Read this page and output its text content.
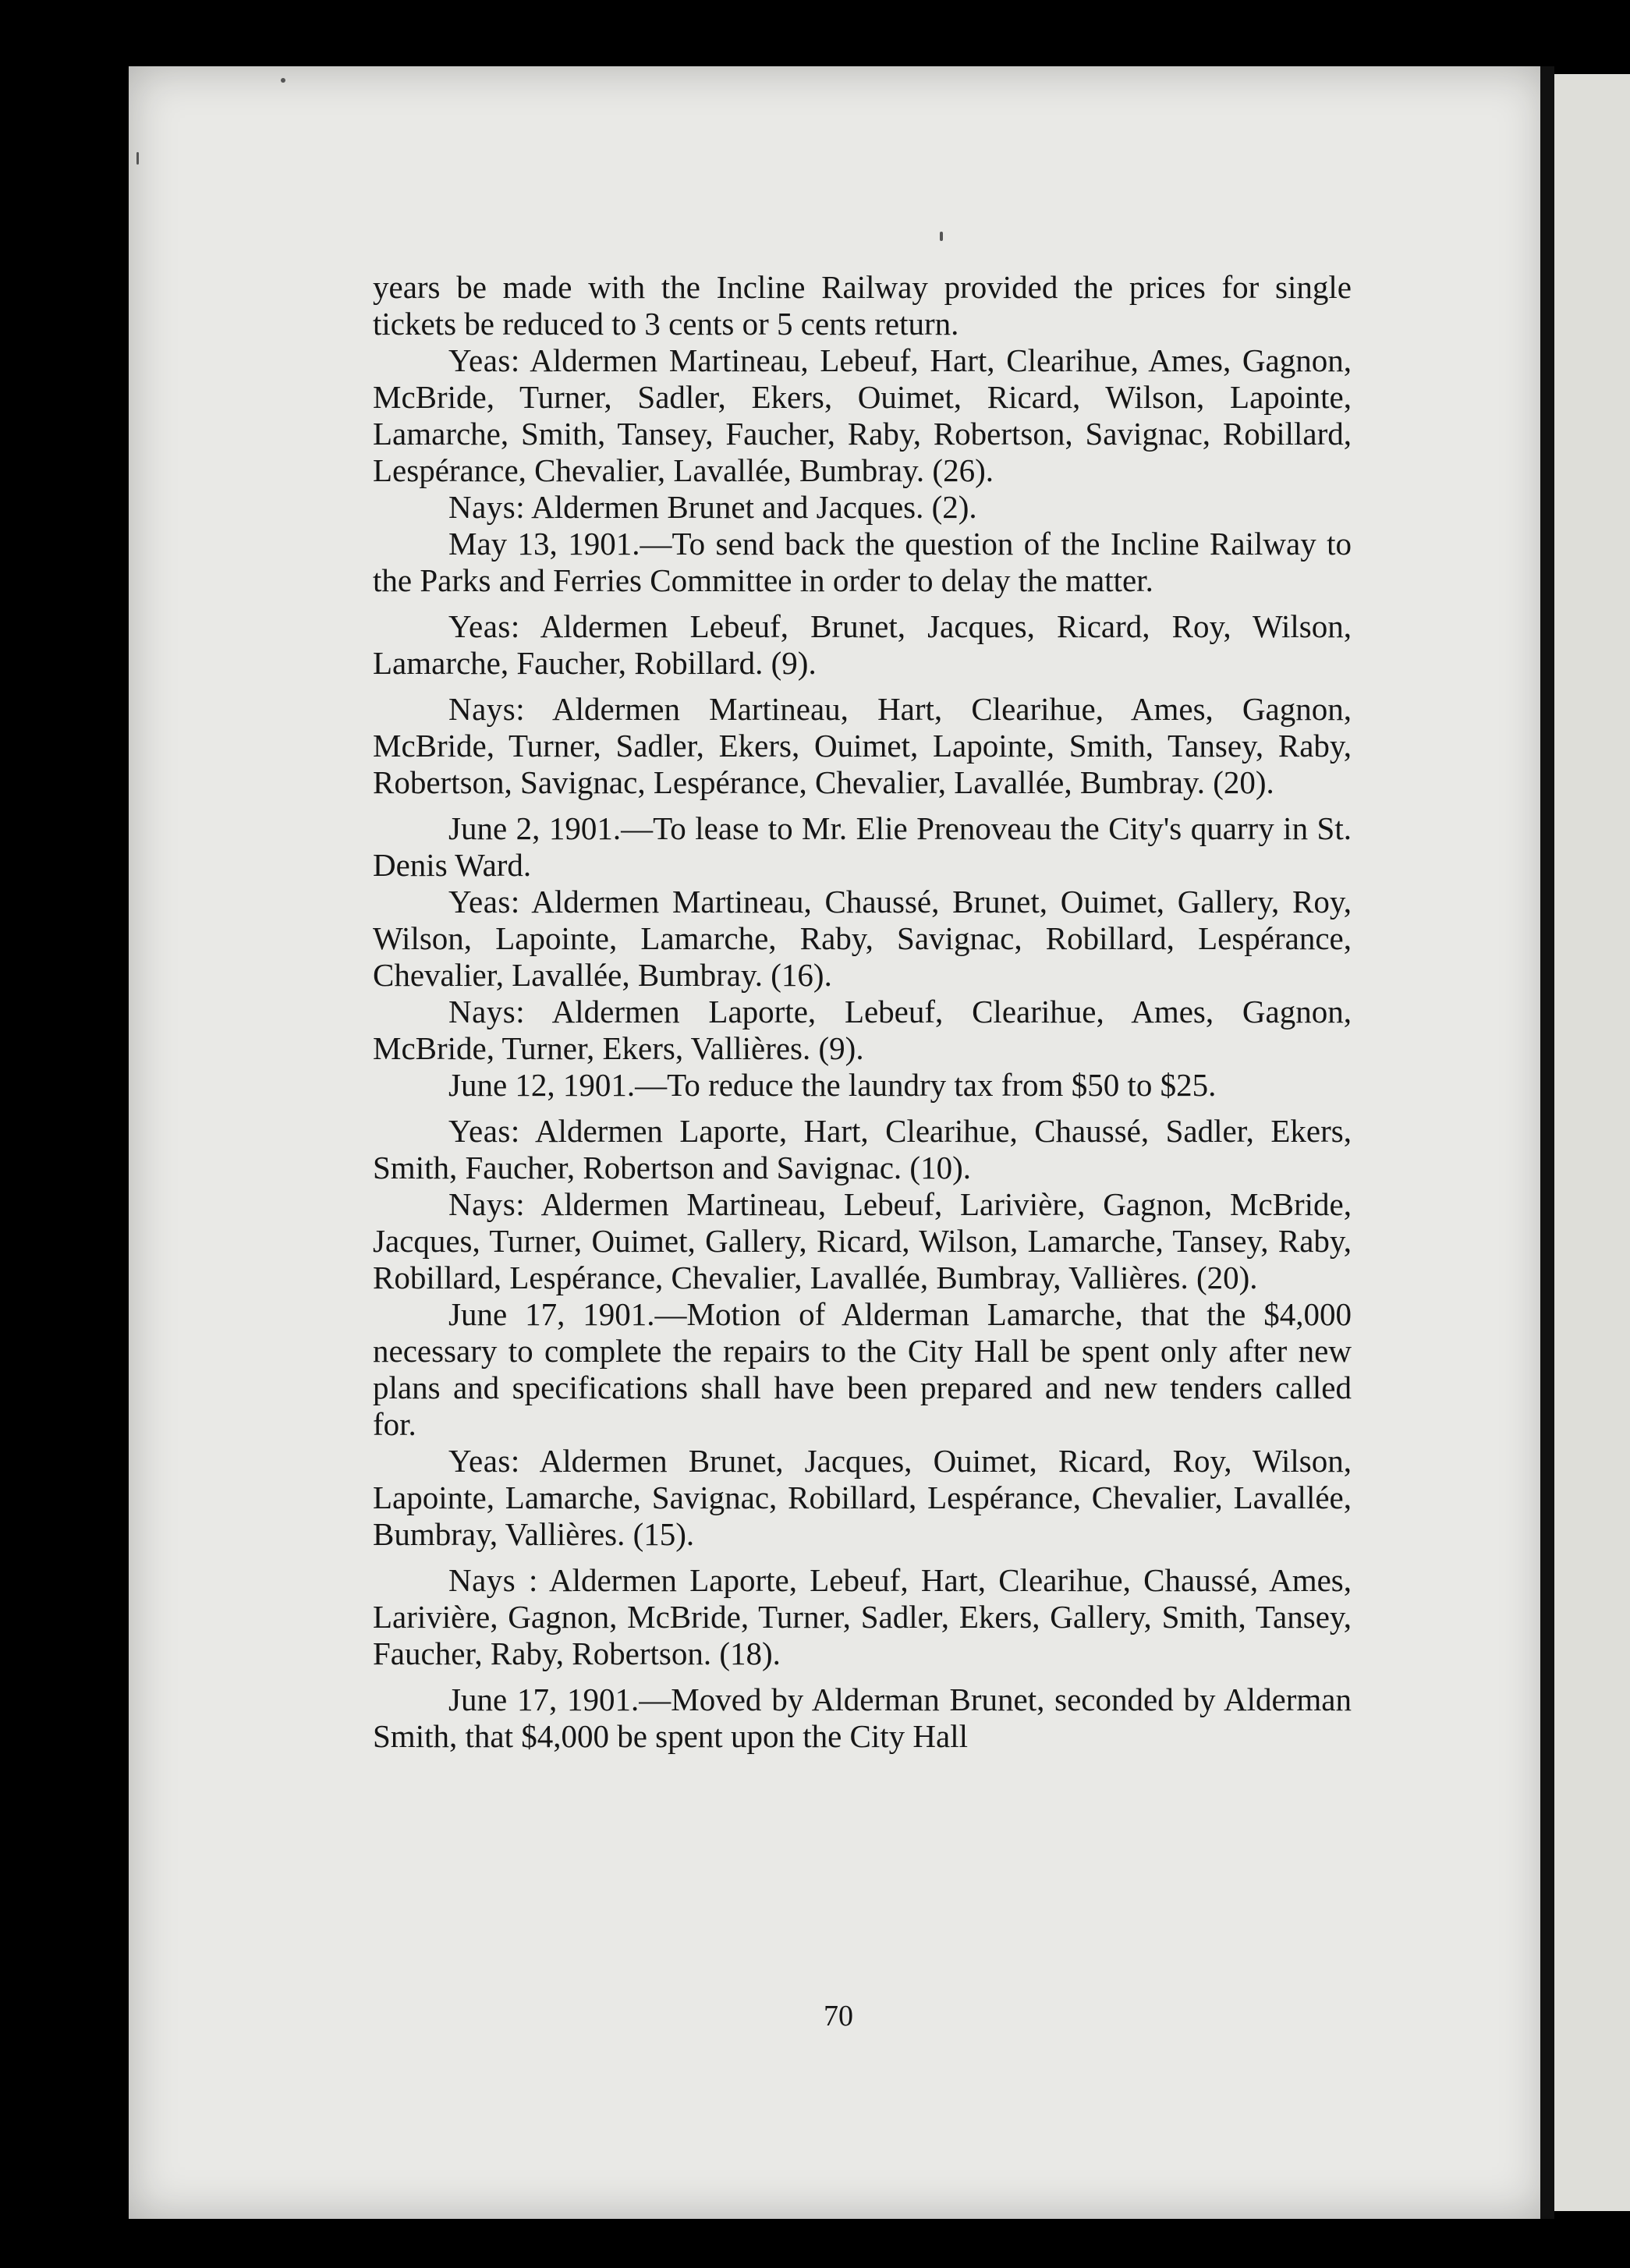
70

years be made with the Incline Railway provided the prices for single tickets be reduced to 3 cents or 5 cents return.

Yeas: Aldermen Martineau, Lebeuf, Hart, Clearihue, Ames, Gagnon, McBride, Turner, Sadler, Ekers, Ouimet, Ricard, Wilson, Lapointe, Lamarche, Smith, Tansey, Faucher, Raby, Robertson, Savignac, Robillard, Lespérance, Chevalier, Lavallée, Bumbray. (26).

Nays: Aldermen Brunet and Jacques. (2).

May 13, 1901.—To send back the question of the Incline Railway to the Parks and Ferries Committee in order to delay the matter.

Yeas: Aldermen Lebeuf, Brunet, Jacques, Ricard, Roy, Wilson, Lamarche, Faucher, Robillard. (9).

Nays: Aldermen Martineau, Hart, Clearihue, Ames, Gagnon, McBride, Turner, Sadler, Ekers, Ouimet, Lapointe, Smith, Tansey, Raby, Robertson, Savignac, Lespérance, Chevalier, Lavallée, Bumbray. (20).

June 2, 1901.—To lease to Mr. Elie Prenoveau the City's quarry in St. Denis Ward.

Yeas: Aldermen Martineau, Chaussé, Brunet, Ouimet, Gallery, Roy, Wilson, Lapointe, Lamarche, Raby, Savignac, Robillard, Lespérance, Chevalier, Lavallée, Bumbray. (16).

Nays: Aldermen Laporte, Lebeuf, Clearihue, Ames, Gagnon, McBride, Turner, Ekers, Vallières. (9).

June 12, 1901.—To reduce the laundry tax from $50 to $25.

Yeas: Aldermen Laporte, Hart, Clearihue, Chaussé, Sadler, Ekers, Smith, Faucher, Robertson and Savignac. (10).

Nays: Aldermen Martineau, Lebeuf, Larivière, Gagnon, McBride, Jacques, Turner, Ouimet, Gallery, Ricard, Wilson, Lamarche, Tansey, Raby, Robillard, Lespérance, Chevalier, Lavallée, Bumbray, Vallières. (20).

June 17, 1901.—Motion of Alderman Lamarche, that the $4,000 necessary to complete the repairs to the City Hall be spent only after new plans and specifications shall have been prepared and new tenders called for.

Yeas: Aldermen Brunet, Jacques, Ouimet, Ricard, Roy, Wilson, Lapointe, Lamarche, Savignac, Robillard, Lespérance, Chevalier, Lavallée, Bumbray, Vallières. (15).

Nays : Aldermen Laporte, Lebeuf, Hart, Clearihue, Chaussé, Ames, Larivière, Gagnon, McBride, Turner, Sadler, Ekers, Gallery, Smith, Tansey, Faucher, Raby, Robertson. (18).

June 17, 1901.—Moved by Alderman Brunet, seconded by Alderman Smith, that $4,000 be spent upon the City Hall
